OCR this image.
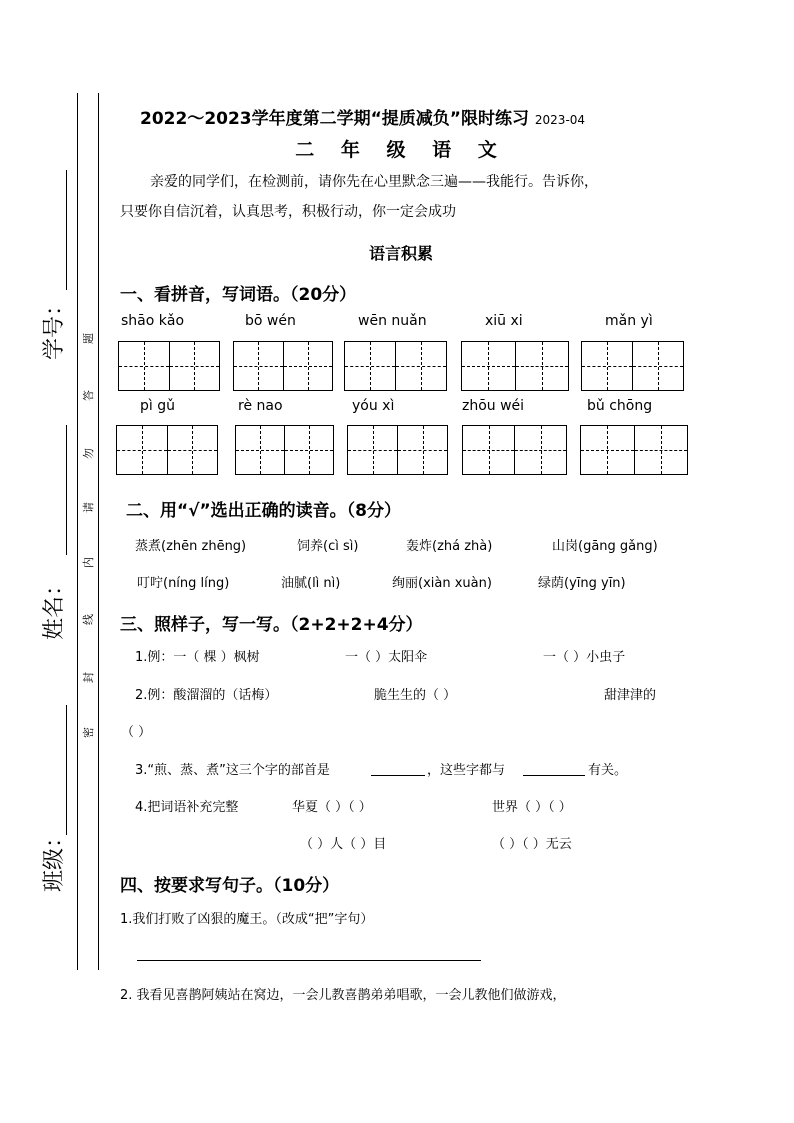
学号：
姓名：
班级：
题
答
勿
请
内
线
封
密
2022～2023学年度第二学期“提质减负”限时练习 2023-04
二 年 级 语 文
亲爱的同学们，在检测前，请你先在心里默念三遍——我能行。告诉你，
只要你自信沉着，认真思考，积极行动，你一定会成功
语言积累
一、看拼音，写词语。（20分）
shāo kǎo	bō wén	wēn nuǎn	xiū xi	mǎn yì
pì gǔ	rè nao	yóu xì	zhōu wéi	bǔ chōng
二、用“√”选出正确的读音。（8分）
蒸煮(zhēn zhēng)	饲养(cì sì)	轰炸(zhá zhà)	山岗(gāng gǎng)
叮咛(níng líng)	油腻(lì nì)	绚丽(xiàn xuàn)	绿荫(yīng yīn)
三、照样子，写一写。（2+2+2+4分）
1.例：一（ 棵 ）枫树	一（ ）太阳伞	一（ ）小虫子
2.例：酸溜溜的（话梅）	脆生生的（ ）	甜津津的
（ ）
3.“煎、蒸、煮”这三个字的部首是	，这些字都与	有关。
4.把词语补充完整	华夏（ ）（ ）	世界（ ）（ ）
（ ）人（ ）目	（ ）（ ）无云
四、按要求写句子。（10分）
1.我们打败了凶狠的魔王。（改成“把”字句）
2. 我看见喜鹊阿姨站在窝边，一会儿教喜鹊弟弟唱歌，一会儿教他们做游戏，
